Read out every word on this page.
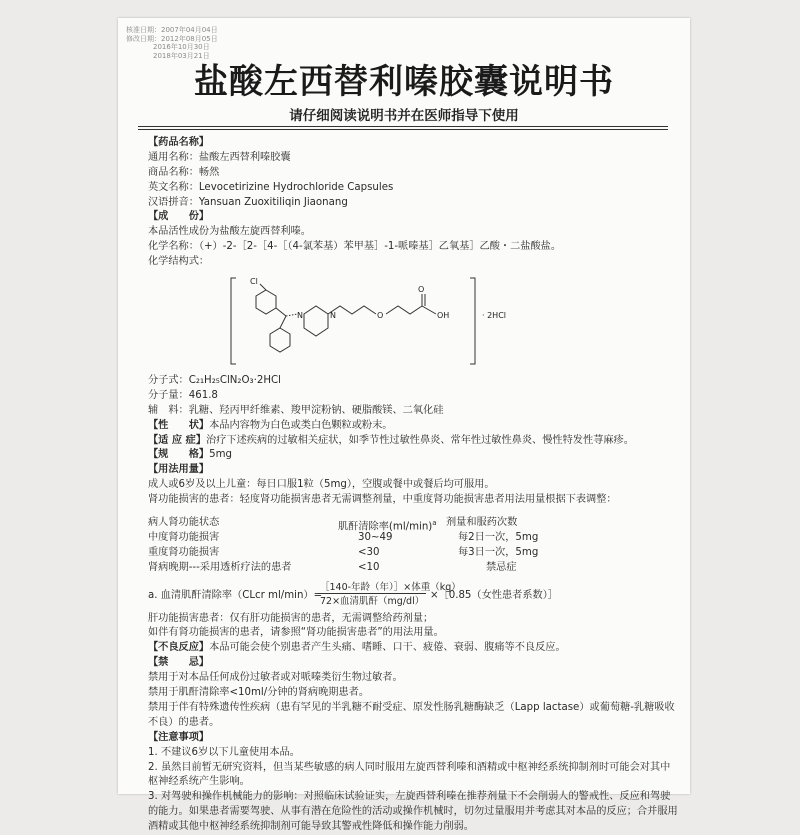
核准日期：2007年04月04日
修改日期：2012年08月05日
2016年10月30日
2018年03月21日
盐酸左西替利嗪胶囊说明书
请仔细阅读说明书并在医师指导下使用
【药品名称】
通用名称：盐酸左西替利嗪胶囊
商品名称：畅然
英文名称：Levocetirizine Hydrochloride Capsules
汉语拼音：Yansuan Zuoxitiliqin Jiaonang
【成　　份】
本品活性成份为盐酸左旋西替利嗪。
化学名称：（+）-2-［2-［4-［（4-氯苯基）苯甲基］-1-哌嗪基］乙氧基］乙酸・二盐酸盐。
化学结构式：
Cl
N	N	O
O
OH	· 2HCl
分子式：C₂₁H₂₅ClN₂O₃·2HCl
分子量：461.8
辅　料：乳糖、羟丙甲纤维素、羧甲淀粉钠、硬脂酸镁、二氧化硅
【性　　状】本品内容物为白色或类白色颗粒或粉末。
【适 应 症】治疗下述疾病的过敏相关症状，如季节性过敏性鼻炎、常年性过敏性鼻炎、慢性特发性荨麻疹。
【规　　格】5mg
【用法用量】
成人或6岁及以上儿童：每日口服1粒（5mg），空腹或餐中或餐后均可服用。
肾功能损害的患者：轻度肾功能损害患者无需调整剂量，中重度肾功能损害患者用法用量根据下表调整：
病人肾功能状态	肌酐清除率$(ml/\min)^a$ 剂量和服药次数
中度肾功能损害	30~49	每2日一次，5mg
重度肾功能损害	<30	每3日一次，5mg
肾病晚期---采用透析疗法的患者	<10	禁忌症
a. 血清肌酐清除率（CLcr ml/min）=
［140-年龄（年）］×体重（kg）
72×血清肌酐（mg/dl）
×［0.85（女性患者系数）］
肝功能损害患者：仅有肝功能损害的患者，无需调整给药剂量；
如伴有肾功能损害的患者，请参照“肾功能损害患者”的用法用量。
【不良反应】本品可能会使个别患者产生头痛、嗜睡、口干、疲倦、衰弱、腹痛等不良反应。
【禁　　忌】
禁用于对本品任何成份过敏者或对哌嗪类衍生物过敏者。
禁用于肌酐清除率<10ml/分钟的肾病晚期患者。
禁用于伴有特殊遗传性疾病（患有罕见的半乳糖不耐受症、原发性肠乳糖酶缺乏（Lapp lactase）或葡萄糖-乳糖吸收不良）的患者。
【注意事项】
1. 不建议6岁以下儿童使用本品。
2. 虽然目前暂无研究资料，但当某些敏感的病人同时服用左旋西替利嗪和酒精或中枢神经系统抑制剂时可能会对其中枢神经系统产生影响。
3. 对驾驶和操作机械能力的影响：对照临床试验证实，左旋西替利嗪在推荐剂量下不会削弱人的警戒性、反应和驾驶的能力。如果患者需要驾驶、从事有潜在危险性的活动或操作机械时，切勿过量服用并考虑其对本品的反应；合并服用酒精或其他中枢神经系统抑制剂可能导致其警戒性降低和操作能力削弱。
